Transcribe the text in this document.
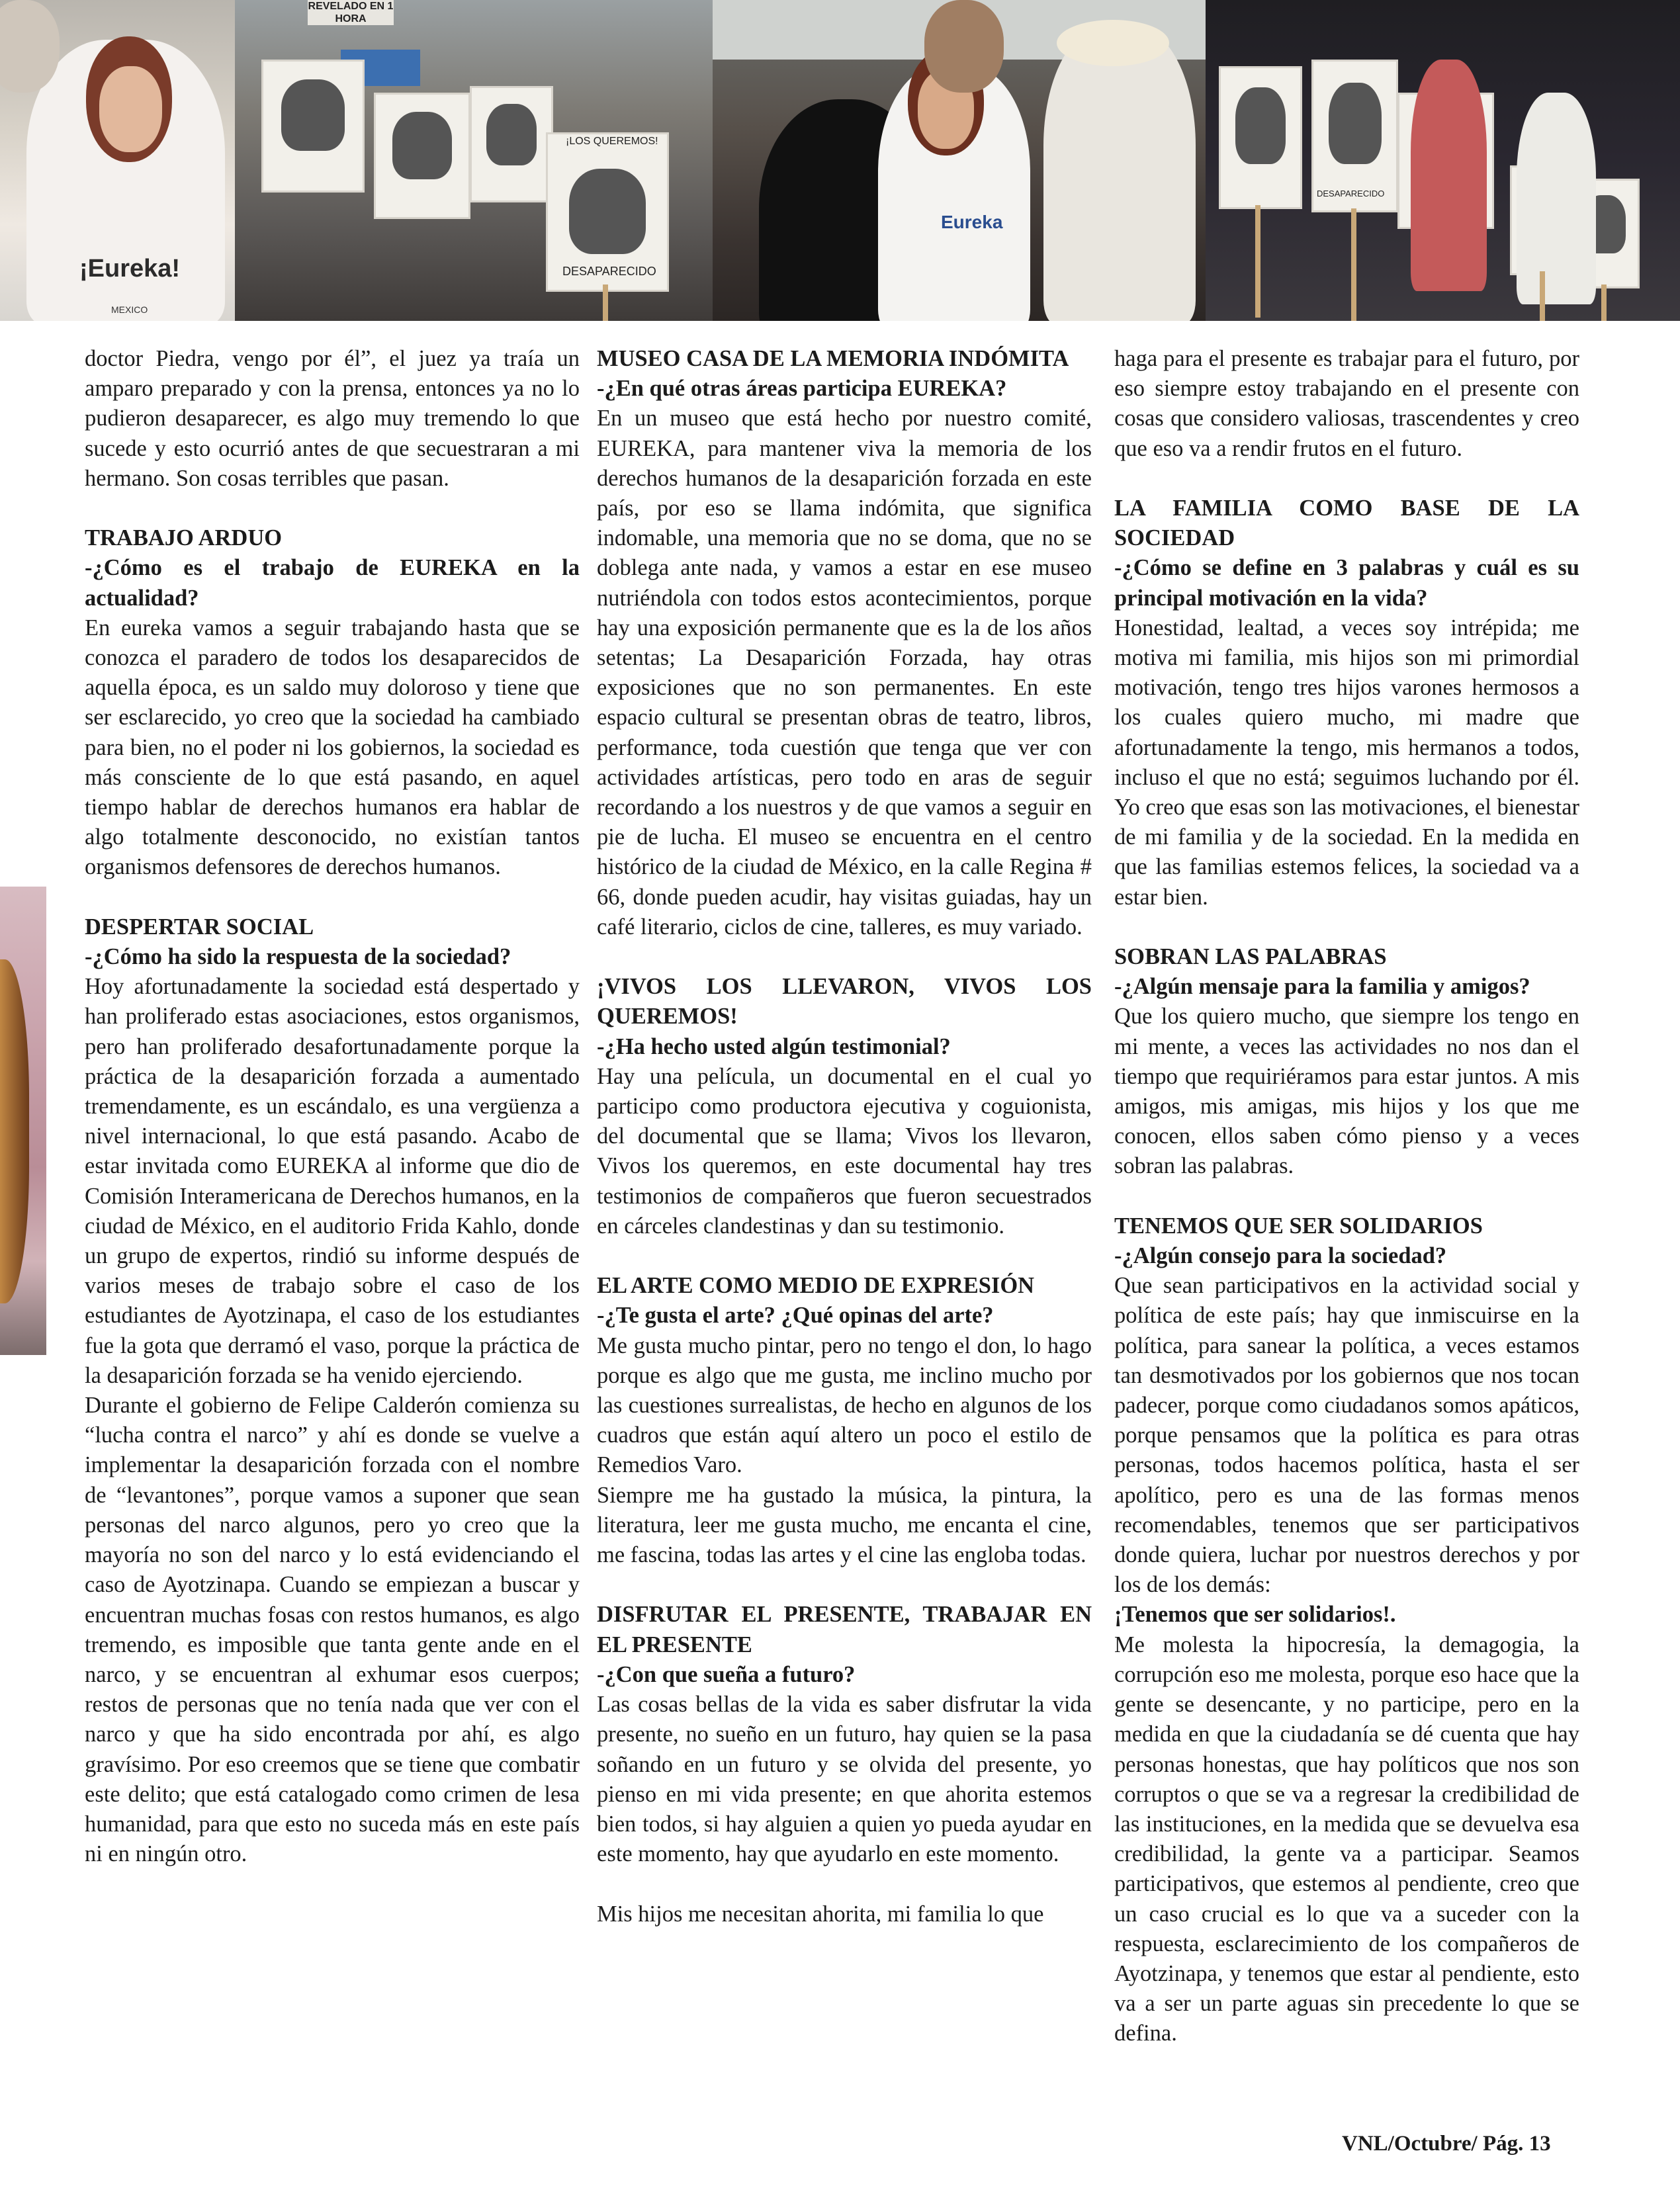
¡Eureka!
MEXICO
REVELADO EN 1 HORA
¡LOS QUEREMOS!
DESAPARECIDO
Eureka
DESAPARECIDO

doctor Piedra, vengo por él”, el juez ya traía un amparo preparado y con la prensa, entonces ya no lo pudieron desaparecer, es algo muy tremendo lo que sucede y esto ocurrió antes de que secuestraran a mi hermano. Son cosas terribles que pasan.

TRABAJO ARDUO

-¿Cómo es el trabajo de EUREKA en la actualidad?

En eureka vamos a seguir trabajando hasta que se conozca el paradero de todos los desaparecidos de aquella época, es un saldo muy doloroso y tiene que ser esclarecido, yo creo que la sociedad ha cambiado para bien, no el poder ni los gobiernos, la sociedad es más consciente de lo que está pasando, en aquel tiempo hablar de derechos humanos era hablar de algo totalmente desconocido, no existían tantos organismos defensores de derechos humanos.

DESPERTAR SOCIAL

-¿Cómo ha sido la respuesta de la sociedad?

Hoy afortunadamente la sociedad está despertado y han proliferado estas asociaciones, estos organismos, pero han proliferado desafortunadamente porque la práctica de la desaparición forzada a aumentado tremendamente, es un escándalo, es una vergüenza a nivel internacional, lo que está pasando. Acabo de estar invitada como EUREKA al informe que dio de Comisión Interamericana de Derechos humanos, en la ciudad de México, en el auditorio Frida Kahlo, donde un grupo de expertos, rindió su informe después de varios meses de trabajo sobre el caso de los estudiantes de Ayotzinapa, el caso de los estudiantes fue la gota que derramó el vaso, porque la práctica de la desaparición forzada se ha venido ejerciendo.

Durante el gobierno de Felipe Calderón comienza su “lucha contra el narco” y ahí es donde se vuelve a implementar la desaparición forzada con el nombre de “levantones”, porque vamos a suponer que sean personas del narco algunos, pero yo creo que la mayoría no son del narco y lo está evidenciando el caso de Ayotzinapa. Cuando se empiezan a buscar y encuentran muchas fosas con restos humanos, es algo tremendo, es imposible que tanta gente ande en el narco, y se encuentran al exhumar esos cuerpos; restos de personas que no tenía nada que ver con el narco y que ha sido encontrada por ahí, es algo gravísimo. Por eso creemos que se tiene que combatir este delito; que está catalogado como crimen de lesa humanidad, para que esto no suceda más en este país ni en ningún otro.

MUSEO CASA DE LA MEMORIA INDÓMITA

-¿En qué otras áreas participa EUREKA?

En un museo que está hecho por nuestro comité, EUREKA, para mantener viva la memoria de los derechos humanos de la desaparición forzada en este país, por eso se llama indómita, que significa indomable, una memoria que no se doma, que no se doblega ante nada, y vamos a estar en ese museo nutriéndola con todos estos acontecimientos, porque hay una exposición permanente que es la de los años setentas; La Desaparición Forzada, hay otras exposiciones que no son permanentes. En este espacio cultural se presentan obras de teatro, libros, performance, toda cuestión que tenga que ver con actividades artísticas, pero todo en aras de seguir recordando a los nuestros y de que vamos a seguir en pie de lucha. El museo se encuentra en el centro histórico de la ciudad de México, en la calle Regina # 66, donde pueden acudir, hay visitas guiadas, hay un café literario, ciclos de cine, talleres, es muy variado.

¡VIVOS LOS LLEVARON, VIVOS LOS QUEREMOS!

-¿Ha hecho usted algún testimonial?

Hay una película, un documental en el cual yo participo como productora ejecutiva y coguionista, del documental que se llama; Vivos los llevaron, Vivos los queremos, en este documental hay tres testimonios de compañeros que fueron secuestrados en cárceles clandestinas y dan su testimonio.

EL ARTE COMO MEDIO DE EXPRESIÓN

-¿Te gusta el arte? ¿Qué opinas del arte?

Me gusta mucho pintar, pero no tengo el don, lo hago porque es algo que me gusta, me inclino mucho por las cuestiones surrealistas, de hecho en algunos de los cuadros que están aquí altero un poco el estilo de Remedios Varo.

Siempre me ha gustado la música, la pintura, la literatura, leer me gusta mucho, me encanta el cine, me fascina, todas las artes y el cine las engloba todas.

DISFRUTAR EL PRESENTE, TRABAJAR EN EL PRESENTE

-¿Con que sueña a futuro?

Las cosas bellas de la vida es saber disfrutar la vida presente, no sueño en un futuro, hay quien se la pasa soñando en un futuro y se olvida del presente, yo pienso en mi vida presente; en que ahorita estemos bien todos, si hay alguien a quien yo pueda ayudar en este momento, hay que ayudarlo en este momento.

Mis hijos me necesitan ahorita, mi familia lo que

haga para el presente es trabajar para el futuro, por eso siempre estoy trabajando en el presente con cosas que considero valiosas, trascendentes y creo que eso va a rendir frutos en el futuro.

LA FAMILIA COMO BASE DE LA SOCIEDAD

-¿Cómo se define en 3 palabras y cuál es su principal motivación en la vida?

Honestidad, lealtad, a veces soy intrépida; me motiva mi familia, mis hijos son mi primordial motivación, tengo tres hijos varones hermosos a los cuales quiero mucho, mi madre que afortunadamente la tengo, mis hermanos a todos, incluso el que no está; seguimos luchando por él. Yo creo que esas son las motivaciones, el bienestar de mi familia y de la sociedad. En la medida en que las familias estemos felices, la sociedad va a estar bien.

SOBRAN LAS PALABRAS

-¿Algún mensaje para la familia y amigos?

Que los quiero mucho, que siempre los tengo en mi mente, a veces las actividades no nos dan el tiempo que requiriéramos para estar juntos. A mis amigos, mis amigas, mis hijos y los que me conocen, ellos saben cómo pienso y a veces sobran las palabras.

TENEMOS QUE SER SOLIDARIOS

-¿Algún consejo para la sociedad?

Que sean participativos en la actividad social y política de este país; hay que inmiscuirse en la política, para sanear la política, a veces estamos tan desmotivados por los gobiernos que nos tocan padecer, porque como ciudadanos somos apáticos, porque pensamos que la política es para otras personas, todos hacemos política, hasta el ser apolítico, pero es una de las formas menos recomendables, tenemos que ser participativos donde quiera, luchar por nuestros derechos y por los de los demás:

¡Tenemos que ser solidarios!.

Me molesta la hipocresía, la demagogia, la corrupción eso me molesta, porque eso hace que la gente se desencante, y no participe, pero en la medida en que la ciudadanía se dé cuenta que hay personas honestas, que hay políticos que nos son corruptos o que se va a regresar la credibilidad de las instituciones, en la medida que se devuelva esa credibilidad, la gente va a participar. Seamos participativos, que estemos al pendiente, creo que un caso crucial es lo que va a suceder con la respuesta, esclarecimiento de los compañeros de Ayotzinapa, y tenemos que estar al pendiente, esto va a ser un parte aguas sin precedente lo que se defina.

VNL/Octubre/ Pág. 13
